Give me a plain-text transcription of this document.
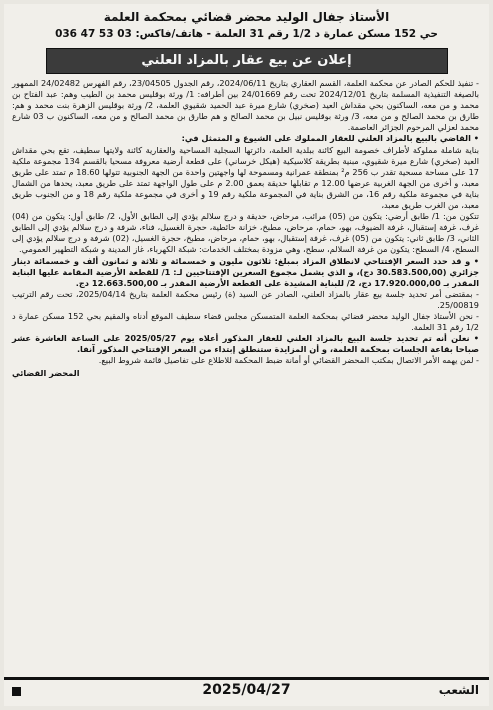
الأستاذ جفال الوليد محضر قضائي بمحكمة العلمة
حي 152 مسكن عمارة د 1/2 رقم 31 العلمة - هاتف/فاكس: 03 53 47 036
إعلان عن بيع عقار بالمزاد العلني

- تنفيذ للحكم الصادر عن محكمة العلمة، القسم العقاري بتاريخ 2024/06/11، رقم الجدول 23/04505، رقم الفهرس 24/02482 الممهور بالصيغة التنفيذية المسلمة بتاريخ 2024/12/01 تحت رقم 24/01669 بين أطرافه: 1/ ورثة بوقليس محمد بن الطيب وهم: عبد الفتاح بن محمد و من معه، الساكنون بحي مقداش العيد (صخري) شارع ميرة عبد الحميد شقيوي العلمة، 2/ ورثة بوقليس الزهرة بنت محمد و هم: طارق بن محمد الصالح و من معه، 3/ ورثة بوقليس نبيل بن محمد الصالح و هم طارق بن محمد الصالح و من معه، الساكنون ب 03 شارع محمد لعزلي المرحوم الجزائر العاصمة.

• القاضي بالبيع بالمزاد العلني للعقار المملوك على الشيوع و المتمثل في:

بناية شاملة مملوكة لأطراف خصومة البيع كائنة ببلدية العلمة، دائرتها السجلية المساحية والعقارية كائنة ولايتها سطيف، تقع بحي مقداش العيد (صخري) شارع ميرة شقيوي، مبنية بطريقة كلاسيكية (هيكل خرساني) على قطعة أرضية معروفة مسحيا بالقسم 134 مجموعة ملكية 17 على مساحة مسحية تقدر ب 256 م² بمنطقة عمرانية ومسموحة لها واجهتين واحدة من الجهة الجنوبية تتولها 18.60 م تمتد على طريق معبد، و أخرى من الجهة الغربية عرضها 12.00 م تقابلها حديقة بعمق 2.00 م على طول الواجهة تمتد على طريق معبد، يحدها من الشمال بناية في مجموعة ملكية رقم 16، من الشرق بناية في المجموعة ملكية رقم 19 و أخرى في مجموعة ملكية رقم 18 و من الجنوب طريق معبد، من الغرب طريق معبد،

تتكون من: 1/ طابق أرضي: يتكون من (05) مرائب، مرحاض، حديقة و درج سلالم يؤدي إلى الطابق الأول، 2/ طابق أول: يتكون من (04) غرف، غرفة إستقبال، غرفة الضيوف، بهو، حمام، مرحاض، مطبخ، خزانة حائطية، حجرة الغسيل، فناء، شرفة و درج سلالم يؤدي إلى الطابق الثاني، 3/ طابق ثاني: يتكون من (05) غرف، غرفة إستقبال، بهو، حمام، مرحاض، مطبخ، حجرة الغسيل، (02) شرفة و درج سلالم يؤدي إلى السطح، 4/ السطح: يتكون من غرفة السلالم، سطح، وهي مزودة بمختلف الخدمات: شبكة الكهرباء، غاز المدينة و شبكة التطهير العمومي.

• و قد حدد السعر الإفتتاحي لانطلاق المزاد بمبلغ: ثلاثون مليون و خمسمائة و ثلاثة و ثمانون ألف و خمسمائة دينار جزائري (30.583.500,00 دج)، و الذي يشمل مجموع السعرين الإفتتاحيين لـ: 1/ للقطعة الأرضية المقامة عليها البناية المقدر بـ 17.920.000,00 دج، 2/ للبناية المشيدة على القطعة الأرضية المقدر بـ 12.663.500,00 دج.

- بمقتضى أمر تحديد جلسة بيع عقار بالمزاد العلني، الصادر عن السيد (ة) رئيس محكمة العلمة بتاريخ 2025/04/14، تحت رقم الترتيب 25/00819.

- نحن الأستاذ جفال الوليد محضر قضائي بمحكمة العلمة المتمسكن مجلس قضاء سطيف الموقع أدناه والمقيم بحي 152 مسكن عمارة د 1/2 رقم 31 العلمة.

• نعلن أنه تم تحديد جلسة البيع بالمزاد العلني للعقار المذكور أعلاه يوم 2025/05/27 على الساعة العاشرة عشر صباحا بقاعة الجلسات بمحكمة العلمة، و أن المزايدة ستنطلق إبتداء من السعر الإفتتاحي المذكور آنفا.

- لمن يهمه الأمر الاتصال بمكتب المحضر القضائي أو أمانة ضبط المحكمة للاطلاع على تفاصيل قائمة شروط البيع.

المحضر القضائي
الشعب
2025/04/27
